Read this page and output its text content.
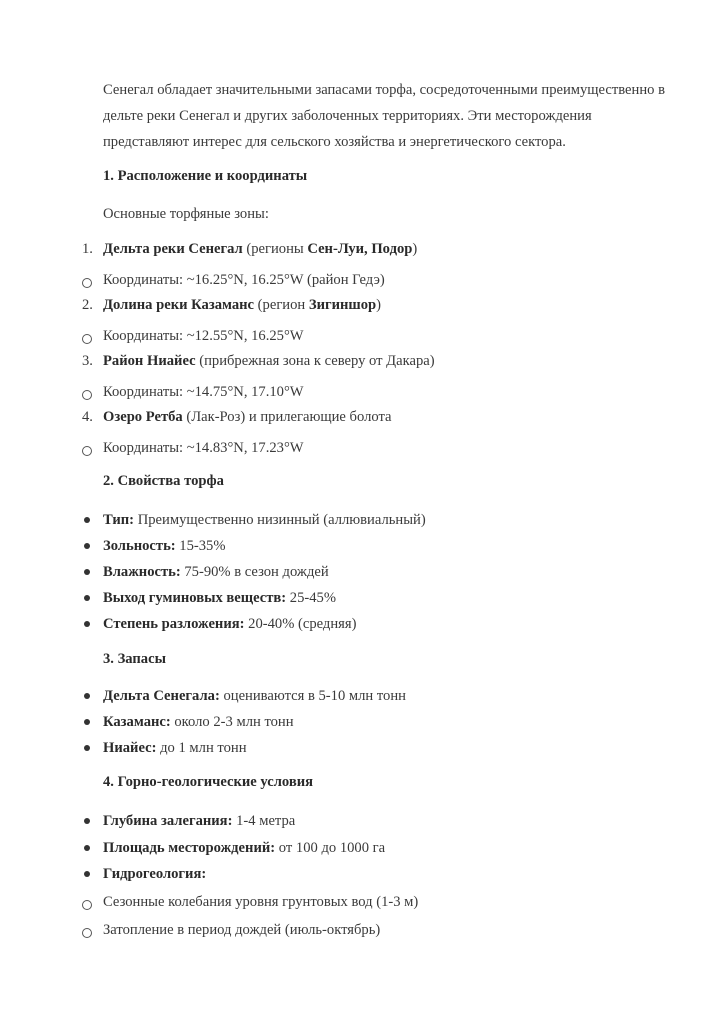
Сенегал обладает значительными запасами торфа, сосредоточенными преимущественно в
дельте реки Сенегал и других заболоченных территориях. Эти месторождения
представляют интерес для сельского хозяйства и энергетического сектора.
1. Расположение и координаты
Основные торфяные зоны:
1. Дельта реки Сенегал (регионы Сен-Луи, Подор)
Координаты: ~16.25°N, 16.25°W (район Гедэ)
2. Долина реки Казаманс (регион Зигиншор)
Координаты: ~12.55°N, 16.25°W
3. Район Ниайес (прибрежная зона к северу от Дакара)
Координаты: ~14.75°N, 17.10°W
4. Озеро Ретба (Лак-Роз) и прилегающие болота
Координаты: ~14.83°N, 17.23°W
2. Свойства торфа
Тип: Преимущественно низинный (аллювиальный)
Зольность: 15-35%
Влажность: 75-90% в сезон дождей
Выход гуминовых веществ: 25-45%
Степень разложения: 20-40% (средняя)
3. Запасы
Дельта Сенегала: оцениваются в 5-10 млн тонн
Казаманс: около 2-3 млн тонн
Ниайес: до 1 млн тонн
4. Горно-геологические условия
Глубина залегания: 1-4 метра
Площадь месторождений: от 100 до 1000 га
Гидрогеология:
Сезонные колебания уровня грунтовых вод (1-3 м)
Затопление в период дождей (июль-октябрь)
